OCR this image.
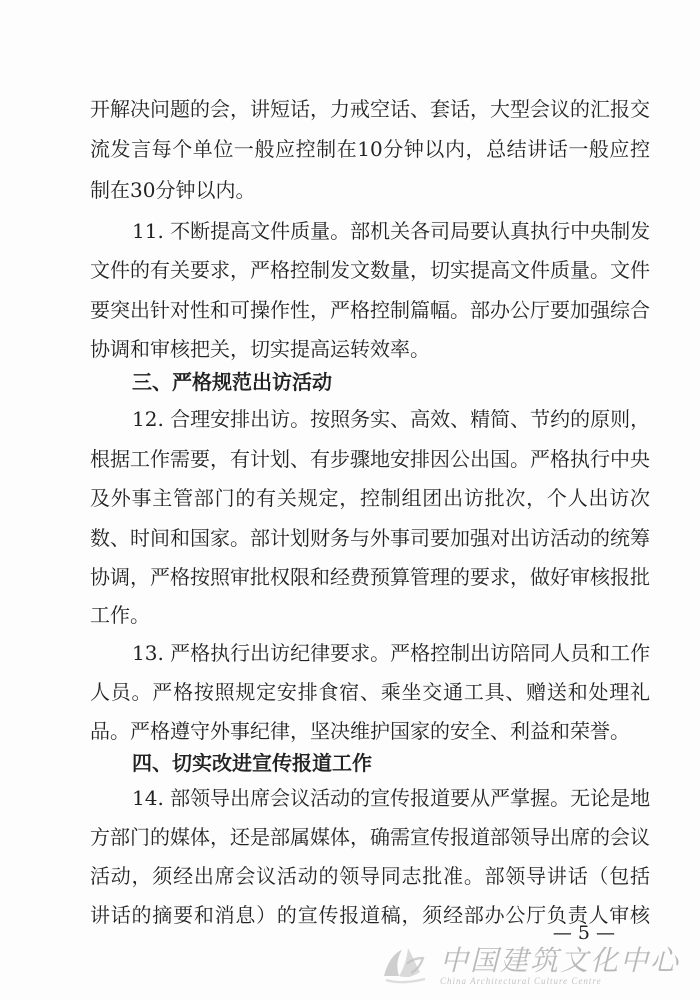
开解决问题的会，讲短话，力戒空话、套话，大型会议的汇报交
流发言每个单位一般应控制在10分钟以内，总结讲话一般应控
制在30分钟以内。
11. 不断提高文件质量。部机关各司局要认真执行中央制发
文件的有关要求，严格控制发文数量，切实提高文件质量。文件
要突出针对性和可操作性，严格控制篇幅。部办公厅要加强综合
协调和审核把关，切实提高运转效率。
三、严格规范出访活动
12. 合理安排出访。按照务实、高效、精简、节约的原则，
根据工作需要，有计划、有步骤地安排因公出国。严格执行中央
及外事主管部门的有关规定，控制组团出访批次，个人出访次
数、时间和国家。部计划财务与外事司要加强对出访活动的统筹
协调，严格按照审批权限和经费预算管理的要求，做好审核报批
工作。
13. 严格执行出访纪律要求。严格控制出访陪同人员和工作
人员。严格按照规定安排食宿、乘坐交通工具、赠送和处理礼
品。严格遵守外事纪律，坚决维护国家的安全、利益和荣誉。
四、切实改进宣传报道工作
14. 部领导出席会议活动的宣传报道要从严掌握。无论是地
方部门的媒体，还是部属媒体，确需宣传报道部领导出席的会议
活动，须经出席会议活动的领导同志批准。部领导讲话（包括
讲话的摘要和消息）的宣传报道稿，须经部办公厅负责人审核
— 5 —
中国建筑文化中心
China Architectural Culture Centre
